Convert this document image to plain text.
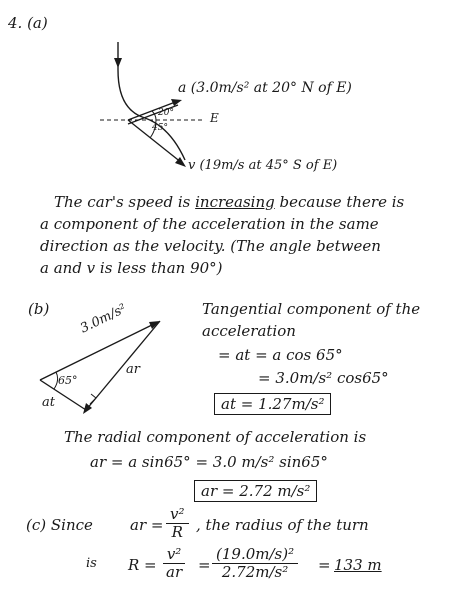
4. (a)
20°
45°
E
a (3.0m/s² at 20° N of E)
v (19m/s at 45° S of E)
The car's speed is increasing because there is
a component of the acceleration in the same
direction as the velocity. (The angle between
a and v is less than 90°)
(b) 3.0m/s²
65°
ar
at
Tangential component of the
acceleration
= at = a cos 65°
= 3.0m/s² cos65°
at = 1.27m/s²
The radial component of acceleration is
ar = a sin65° = 3.0 m/s² sin65°
ar = 2.72 m/s²
(c) Since ar = $\frac{\text{v²}}{R}$ , the radius of the turn
is $R = \frac{\text{v²}}{ar} = \frac{\text{(19.0m/s)²}}{\text{2.72m/s²}} = 133$ m
